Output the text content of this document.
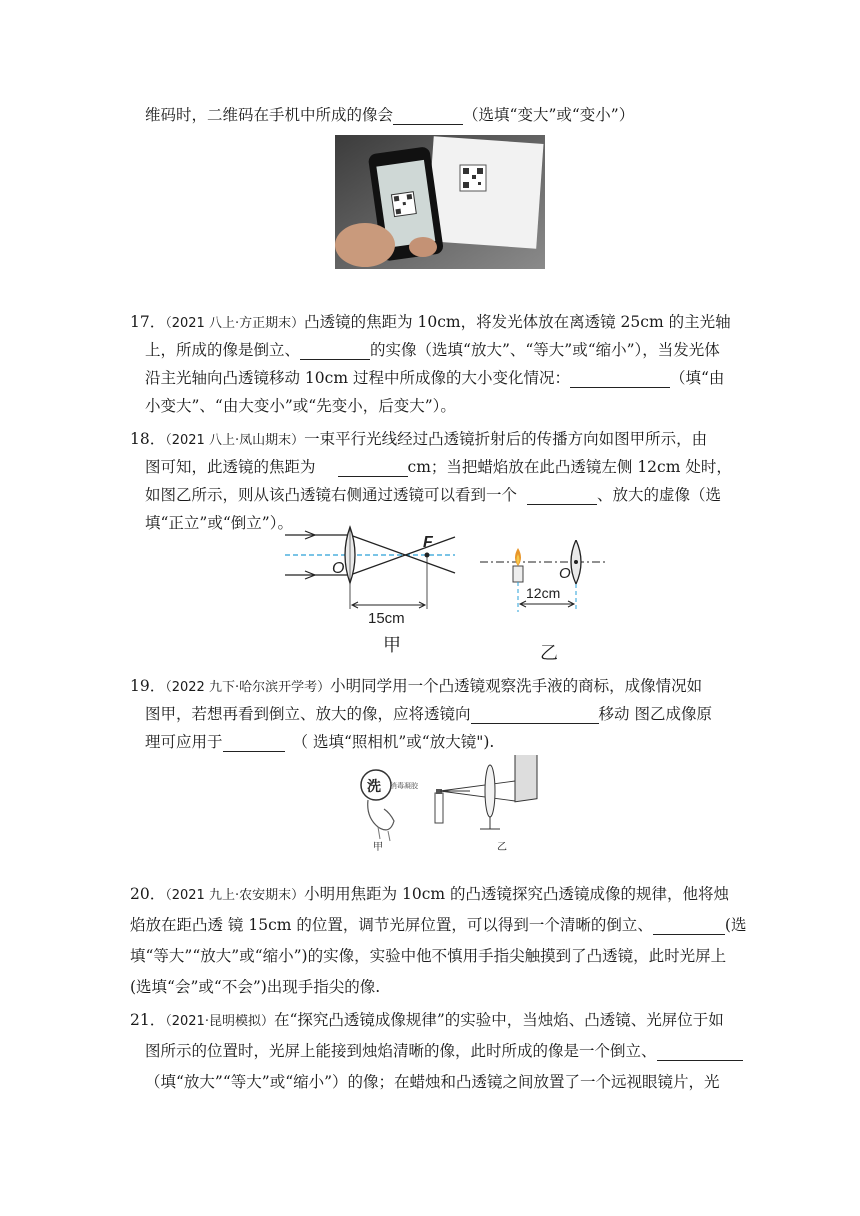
维码时，二维码在手机中所成的像会	（选填“变大”或“变小”）
17．（2021 八上·方正期末）凸透镜的焦距为 10cm，将发光体放在离透镜 25cm 的主光轴
上，所成的像是倒立、	的实像（选填“放大”、“等大”或“缩小”），当发光体
沿主光轴向凸透镜移动 10cm 过程中所成像的大小变化情况：	（填“由
小变大”、“由大变小”或“先变小，后变大”）。
18．（2021 八上·凤山期末）一束平行光线经过凸透镜折射后的传播方向如图甲所示，由
图可知，此透镜的焦距为	cm；当把蜡焰放在此凸透镜左侧 12cm 处时，
如图乙所示，则从该凸透镜右侧通过透镜可以看到一个	、放大的虚像（选
填“正立”或“倒立”）。
O
F
15cm
甲
O
12cm
乙
19．（2022 九下·哈尔滨开学考）小明同学用一个凸透镜观察洗手液的商标，成像情况如
图甲，若想再看到倒立、放大的像，应将透镜向	移动 图乙成像原
理可应用于	（ 选填“照相机”或“放大镜").
洗 消毒凝胶
甲	乙
20．（2021 九上·农安期末）小明用焦距为 10cm 的凸透镜探究凸透镜成像的规律，他将烛
焰放在距凸透 镜 15cm 的位置，调节光屏位置，可以得到一个清晰的倒立、	(选
填“等大”“放大”或“缩小”)的实像，实验中他不慎用手指尖触摸到了凸透镜，此时光屏上
(选填“会”或“不会”)出现手指尖的像.
21．（2021·昆明模拟）在“探究凸透镜成像规律”的实验中，当烛焰、凸透镜、光屏位于如
图所示的位置时，光屏上能接到烛焰清晰的像，此时所成的像是一个倒立、
（填“放大”“等大”或“缩小”）的像；在蜡烛和凸透镜之间放置了一个远视眼镜片，光
